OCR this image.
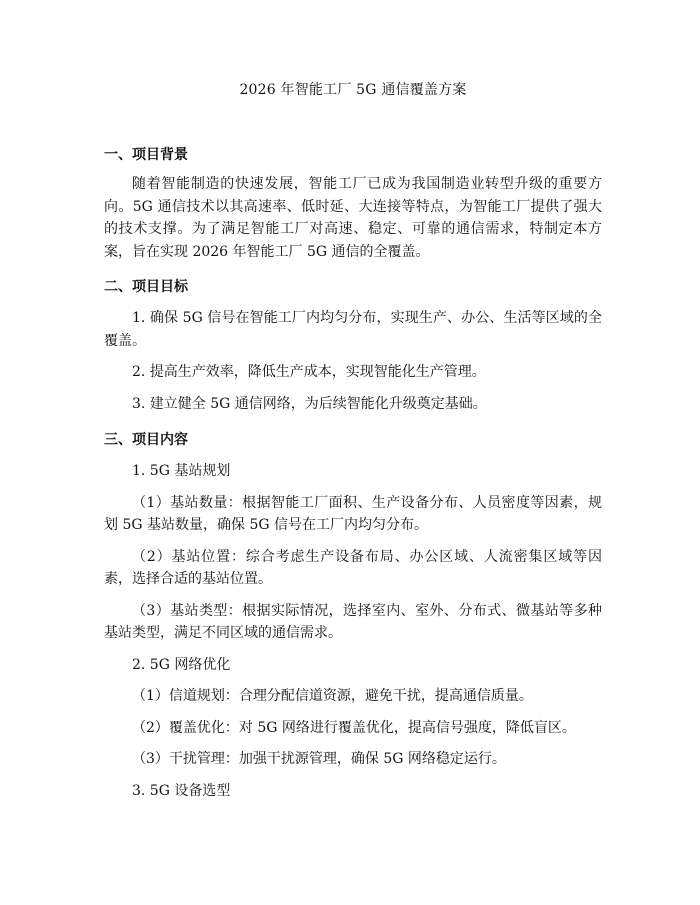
2026 年智能工厂 5G 通信覆盖方案
一、项目背景

随着智能制造的快速发展，智能工厂已成为我国制造业转型升级的重要方向。5G 通信技术以其高速率、低时延、大连接等特点，为智能工厂提供了强大的技术支撑。为了满足智能工厂对高速、稳定、可靠的通信需求，特制定本方案，旨在实现 2026 年智能工厂 5G 通信的全覆盖。

二、项目目标

1. 确保 5G 信号在智能工厂内均匀分布，实现生产、办公、生活等区域的全覆盖。

2. 提高生产效率，降低生产成本，实现智能化生产管理。

3. 建立健全 5G 通信网络，为后续智能化升级奠定基础。

三、项目内容

1. 5G 基站规划

（1）基站数量：根据智能工厂面积、生产设备分布、人员密度等因素，规划 5G 基站数量，确保 5G 信号在工厂内均匀分布。

（2）基站位置：综合考虑生产设备布局、办公区域、人流密集区域等因素，选择合适的基站位置。

（3）基站类型：根据实际情况，选择室内、室外、分布式、微基站等多种基站类型，满足不同区域的通信需求。

2. 5G 网络优化

（1）信道规划：合理分配信道资源，避免干扰，提高通信质量。

（2）覆盖优化：对 5G 网络进行覆盖优化，提高信号强度，降低盲区。

（3）干扰管理：加强干扰源管理，确保 5G 网络稳定运行。

3. 5G 设备选型
